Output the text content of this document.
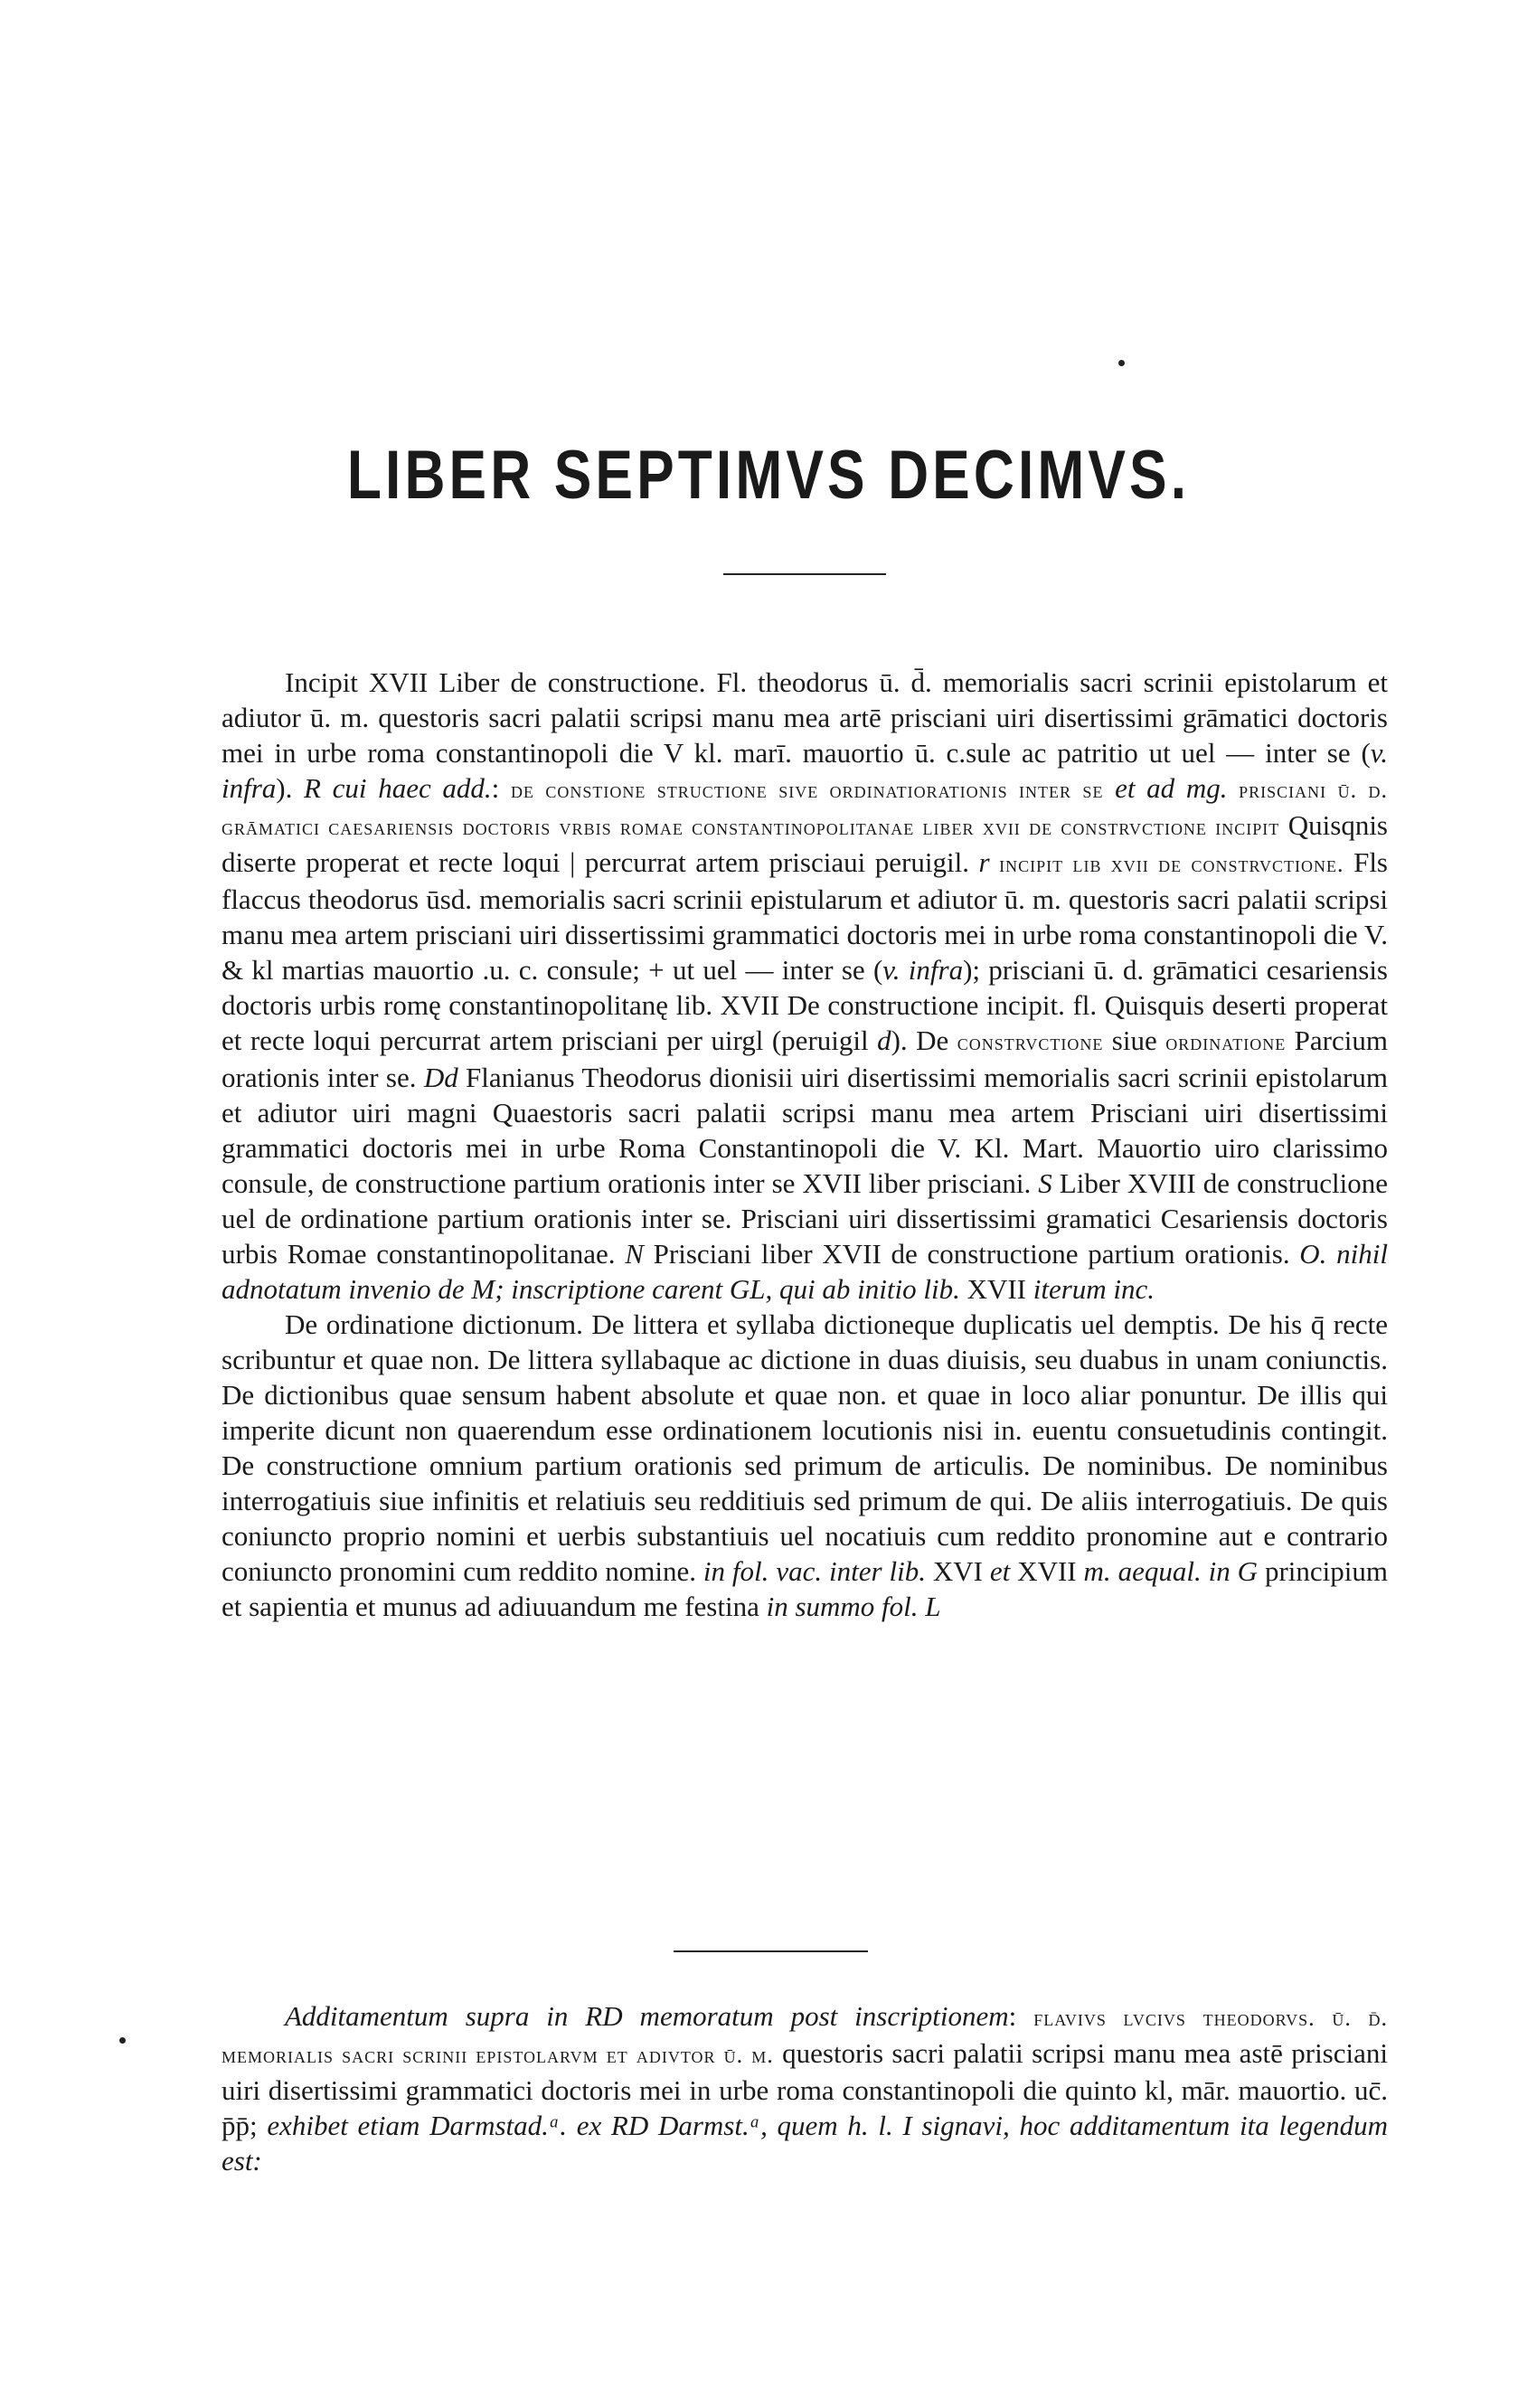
LIBER SEPTIMVS DECIMVS.

Incipit XVII Liber de constructione. Fl. theodorus ū. d̄. memorialis sacri scrinii epistolarum et adiutor ū. m. questoris sacri palatii scripsi manu mea artē prisciani uiri disertissimi grāmatici doctoris mei in urbe roma constantinopoli die V kl. marī. mauortio ū. c.sule ac patritio ut uel — inter se (v. infra). R cui haec add.: de constione structione sive ordinatiorationis inter se et ad mg. prisciani ū. d. grāmatici caesariensis doctoris vrbis romae constantinopolitanae liber xvii de constrvctione incipit Quisqnis diserte properat et recte loqui | percurrat artem prisciaui peruigil. r incipit lib xvii de constrvctione. Fls flaccus theodorus ūsd. memorialis sacri scrinii epistularum et adiutor ū. m. questoris sacri palatii scripsi manu mea artem prisciani uiri dissertissimi grammatici doctoris mei in urbe roma constantinopoli die V. & kl martias mauortio .u. c. consule; + ut uel — inter se (v. infra); prisciani ū. d. grāmatici cesariensis doctoris urbis romę constantinopolitanę lib. XVII De constructione incipit. fl. Quisquis deserti properat et recte loqui percurrat artem prisciani per uirgl (peruigil d). De constrvctione siue ordinatione Parcium orationis inter se. Dd Flanianus Theodorus dionisii uiri disertissimi memorialis sacri scrinii epistolarum et adiutor uiri magni Quaestoris sacri palatii scripsi manu mea artem Prisciani uiri disertissimi grammatici doctoris mei in urbe Roma Constantinopoli die V. Kl. Mart. Mauortio uiro clarissimo consule, de constructione partium orationis inter se XVII liber prisciani. S Liber XVIII de construclione uel de ordinatione partium orationis inter se. Prisciani uiri dissertissimi gramatici Cesariensis doctoris urbis Romae constantinopolitanae. N Prisciani liber XVII de constructione partium orationis. O. nihil adnotatum invenio de M; inscriptione carent GL, qui ab initio lib. XVII iterum inc.

De ordinatione dictionum. De littera et syllaba dictioneque duplicatis uel demptis. De his q̄ recte scribuntur et quae non. De littera syllabaque ac dictione in duas diuisis, seu duabus in unam coniunctis. De dictionibus quae sensum habent absolute et quae non. et quae in loco aliar ponuntur. De illis qui imperite dicunt non quaerendum esse ordinationem locutionis nisi in. euentu consuetudinis contingit. De constructione omnium partium orationis sed primum de articulis. De nominibus. De nominibus interrogatiuis siue infinitis et relatiuis seu redditiuis sed primum de qui. De aliis interrogatiuis. De quis coniuncto proprio nomini et uerbis substantiuis uel nocatiuis cum reddito pronomine aut e contrario coniuncto pronomini cum reddito nomine. in fol. vac. inter lib. XVI et XVII m. aequal. in G principium et sapientia et munus ad adiuuandum me festina in summo fol. L

Additamentum supra in RD memoratum post inscriptionem: flavivs lvcivs theodorvs. ū. d̄. memorialis sacri scrinii epistolarvm et adivtor ū. m. questoris sacri palatii scripsi manu mea astē prisciani uiri disertissimi grammatici doctoris mei in urbe roma constantinopoli die quinto kl, mār. mauortio. uc̄. p̄p̄; exhibet etiam Darmstad.ᵃ. ex RD Darmst.ᵃ, quem h. l. I signavi, hoc additamentum ita legendum est:
